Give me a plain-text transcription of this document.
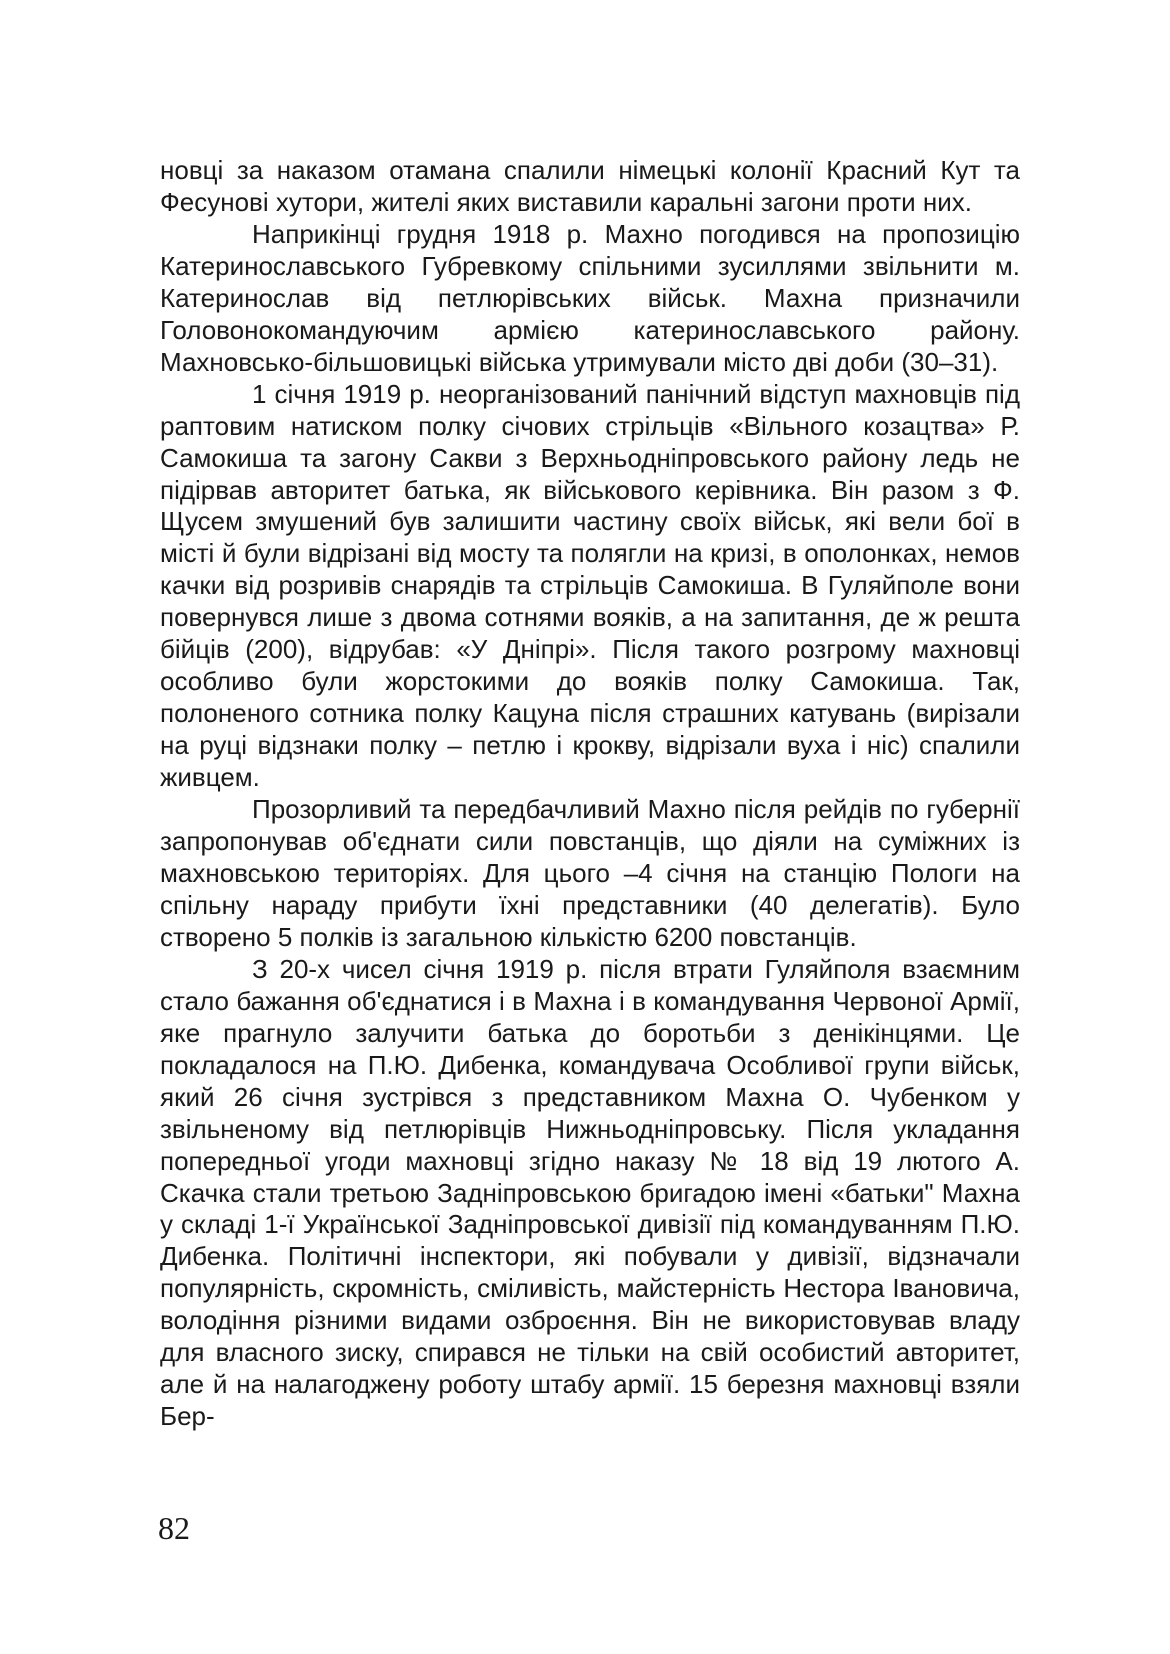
новці за наказом отамана спалили німецькі колонії Красний Кут та Фесунові хутори, жителі яких виставили каральні загони проти них.

Наприкінці грудня 1918 р. Махно погодився на пропозицію Катеринославського Губревкому спільними зусиллями звільнити м. Катеринослав від петлюрівських військ. Махна призначили Головонокомандуючим армією катеринославського району. Махновсько-більшовицькі війська утримували місто дві доби (30–31).

1 січня 1919 р. неорганізований панічний відступ махновців під раптовим натиском полку січових стрільців «Вільного козацтва» Р. Самокиша та загону Сакви з Верхньодніпровського району ледь не підірвав авторитет батька, як військового керівника. Він разом з Ф. Щусем змушений був залишити частину своїх військ, які вели бої в місті й були відрізані від мосту та полягли на кризі, в ополонках, немов качки від розривів снарядів та стрільців Самокиша. В Гуляйполе вони повернувся лише з двома сотнями вояків, а на запитання, де ж решта бійців (200), відрубав: «У Дніпрі». Після такого розгрому махновці особливо були жорстокими до вояків полку Самокиша. Так, полоненого сотника полку Кацуна після страшних катувань (вирізали на руці відзнаки полку – петлю і крокву, відрізали вуха і ніс) спалили живцем.

Прозорливий та передбачливий Махно після рейдів по губернії запропонував об'єднати сили повстанців, що діяли на суміжних із махновською територіях. Для цього –4 січня на станцію Пологи на спільну нараду прибути їхні представники (40 делегатів). Було створено 5 полків із загальною кількістю 6200 повстанців.

З 20-х чисел січня 1919 р. після втрати Гуляйполя взаємним стало бажання об'єднатися і в Махна і в командування Червоної Армії, яке прагнуло залучити батька до боротьби з денікінцями. Це покладалося на П.Ю. Дибенка, командувача Особливої групи військ, який 26 січня зустрівся з представником Махна О. Чубенком у звільненому від петлюрівців Нижньодніпровську. Після укладання попередньої угоди махновці згідно наказу № 18 від 19 лютого А. Скачка стали третьою Задніпровською бригадою імені «батьки" Махна у складі 1-ї Української Задніпровської дивізії під командуванням П.Ю. Дибенка. Політичні інспектори, які побували у дивізії, відзначали популярність, скромність, сміливість, майстерність Нестора Івановича, володіння різними видами озброєння. Він не використовував владу для власного зиску, спирався не тільки на свій особистий авторитет, але й на налагоджену роботу штабу армії. 15 березня махновці взяли Бер-

82
